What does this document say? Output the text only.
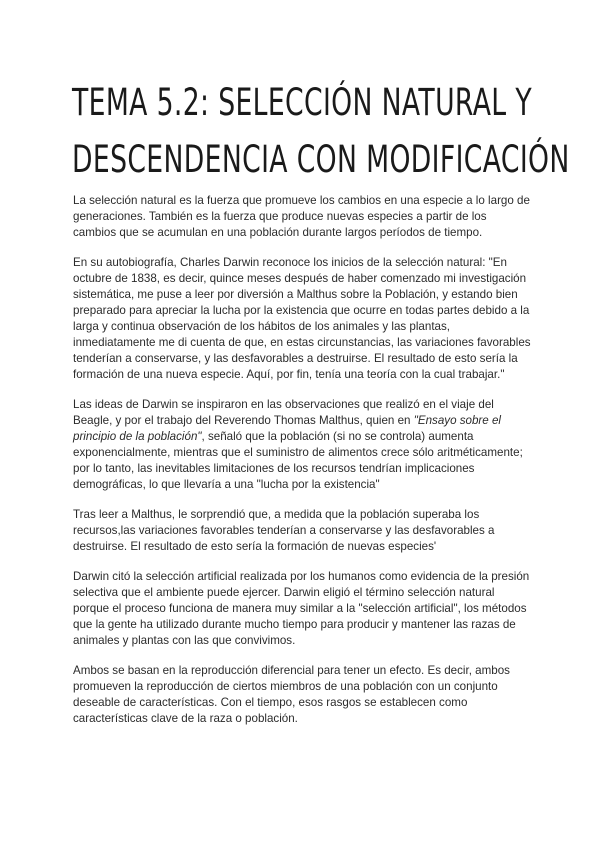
TEMA 5.2: SELECCIÓN NATURAL Y
DESCENDENCIA CON MODIFICACIÓN

La selección natural es la fuerza que promueve los cambios en una especie a lo largo de generaciones. También es la fuerza que produce nuevas especies a partir de los cambios que se acumulan en una población durante largos períodos de tiempo.

En su autobiografía, Charles Darwin reconoce los inicios de la selección natural: "En octubre de 1838, es decir, quince meses después de haber comenzado mi investigación sistemática, me puse a leer por diversión a Malthus sobre la Población, y estando bien preparado para apreciar la lucha por la existencia que ocurre en todas partes debido a la larga y continua observación de los hábitos de los animales y las plantas, inmediatamente me di cuenta de que, en estas circunstancias, las variaciones favorables tenderían a conservarse, y las desfavorables a destruirse. El resultado de esto sería la formación de una nueva especie. Aquí, por fin, tenía una teoría con la cual trabajar."

Las ideas de Darwin se inspiraron en las observaciones que realizó en el viaje del Beagle, y por el trabajo del Reverendo Thomas Malthus, quien en "Ensayo sobre el principio de la población", señaló que la población (si no se controla) aumenta exponencialmente, mientras que el suministro de alimentos crece sólo aritméticamente; por lo tanto, las inevitables limitaciones de los recursos tendrían implicaciones demográficas, lo que llevaría a una "lucha por la existencia"

Tras leer a Malthus, le sorprendió que, a medida que la población superaba los recursos,las variaciones favorables tenderían a conservarse y las desfavorables a destruirse. El resultado de esto sería la formación de nuevas especies'

Darwin citó la selección artificial realizada por los humanos como evidencia de la presión selectiva que el ambiente puede ejercer. Darwin eligió el término selección natural porque el proceso funciona de manera muy similar a la "selección artificial", los métodos que la gente ha utilizado durante mucho tiempo para producir y mantener las razas de animales y plantas con las que convivimos.

Ambos se basan en la reproducción diferencial para tener un efecto. Es decir, ambos promueven la reproducción de ciertos miembros de una población con un conjunto deseable de características. Con el tiempo, esos rasgos se establecen como características clave de la raza o población.
